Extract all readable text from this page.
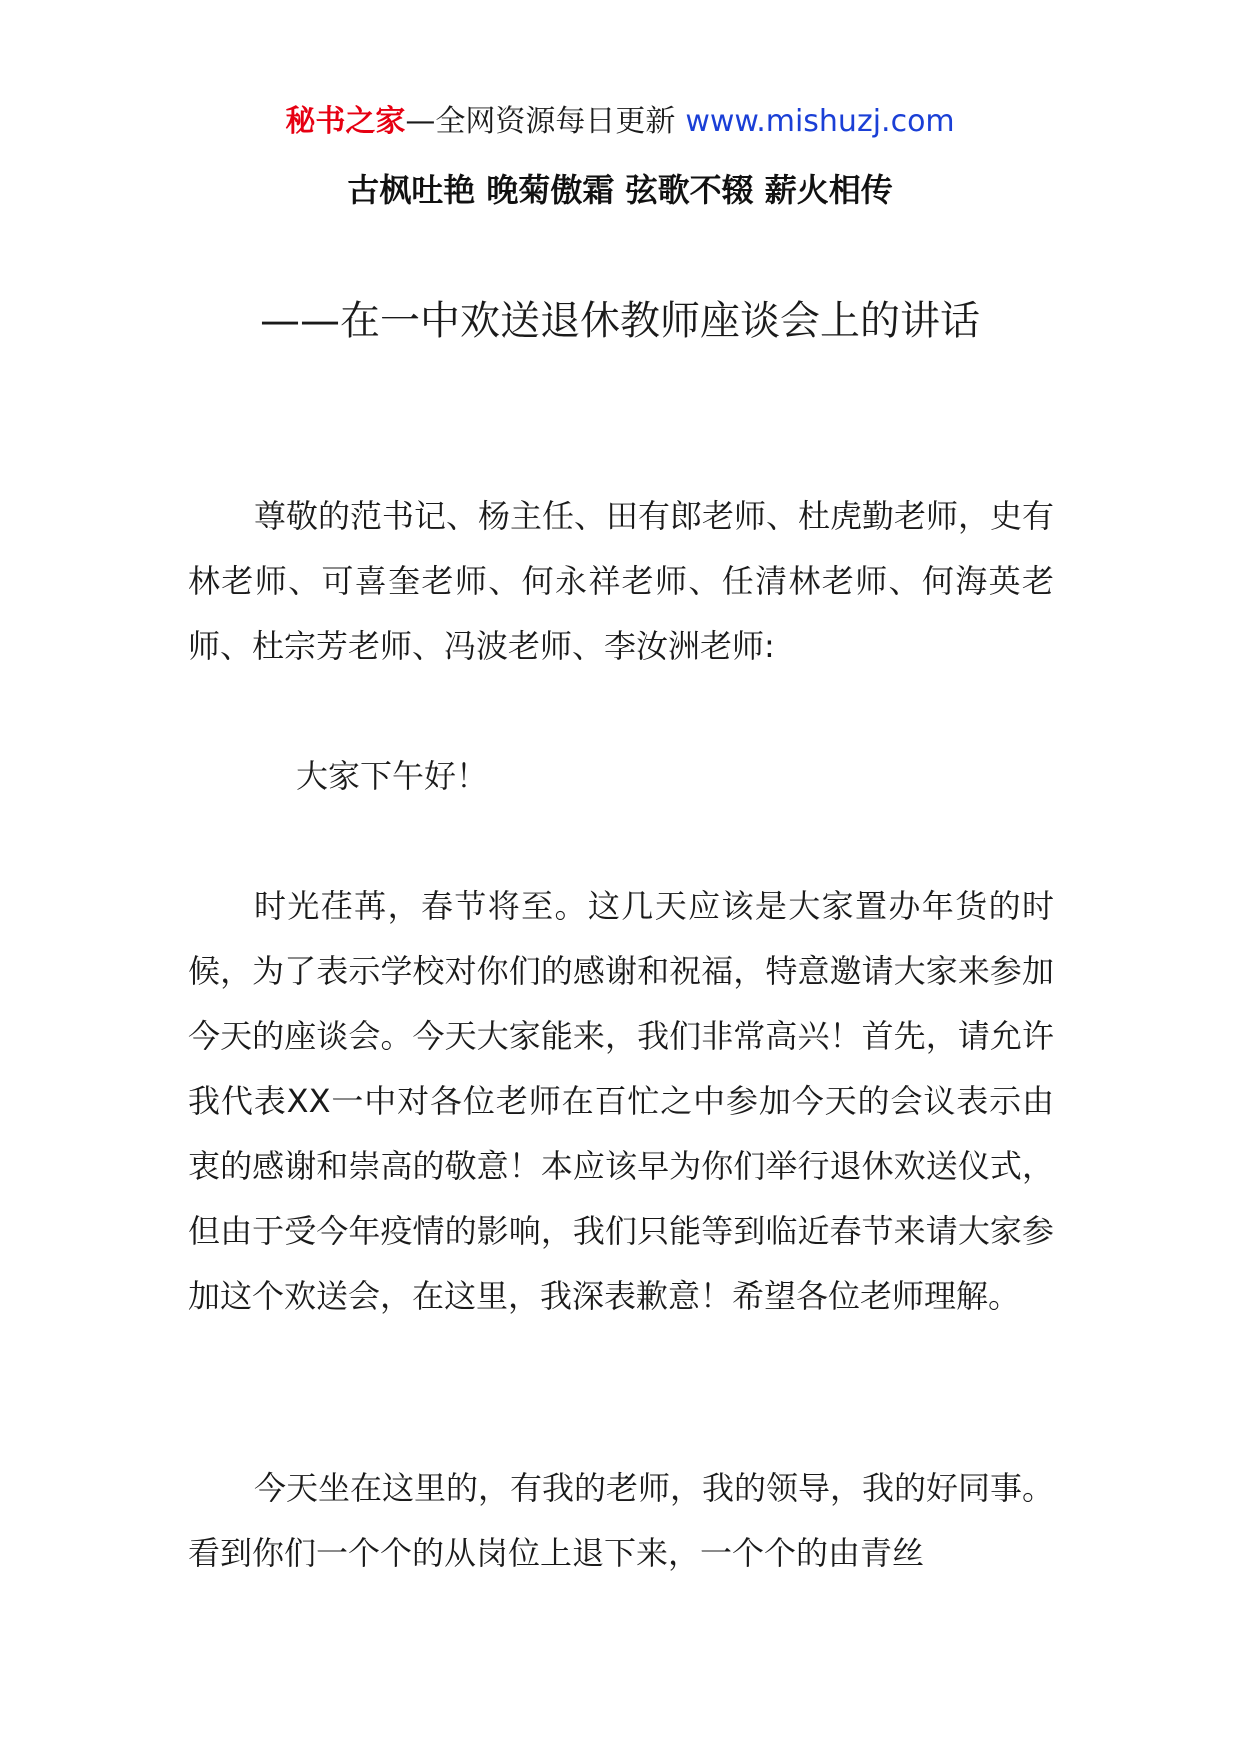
秘书之家—全网资源每日更新 www.mishuzj.com
古枫吐艳 晚菊傲霜 弦歌不辍 薪火相传
——在一中欢送退休教师座谈会上的讲话

尊敬的范书记、杨主任、田有郎老师、杜虎勤老师，史有林老师、可喜奎老师、何永祥老师、任清林老师、何海英老师、杜宗芳老师、冯波老师、李汝洲老师:

大家下午好！

时光荏苒，春节将至。这几天应该是大家置办年货的时候，为了表示学校对你们的感谢和祝福，特意邀请大家来参加今天的座谈会。今天大家能来，我们非常高兴！首先，请允许我代表XX一中对各位老师在百忙之中参加今天的会议表示由衷的感谢和崇高的敬意！本应该早为你们举行退休欢送仪式，但由于受今年疫情的影响，我们只能等到临近春节来请大家参加这个欢送会，在这里，我深表歉意！希望各位老师理解。

今天坐在这里的，有我的老师，我的领导，我的好同事。看到你们一个个的从岗位上退下来，一个个的由青丝
